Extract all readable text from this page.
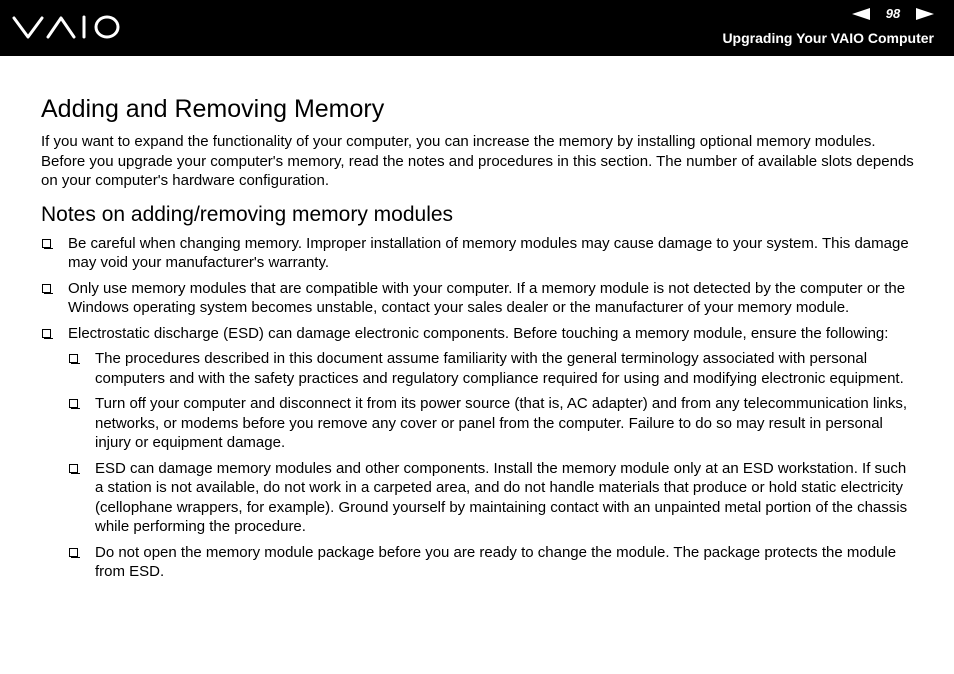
98
Upgrading Your VAIO Computer
Adding and Removing Memory

If you want to expand the functionality of your computer, you can increase the memory by installing optional memory modules. Before you upgrade your computer's memory, read the notes and procedures in this section. The number of available slots depends on your computer's hardware configuration.

Notes on adding/removing memory modules
Be careful when changing memory. Improper installation of memory modules may cause damage to your system. This damage may void your manufacturer's warranty.
Only use memory modules that are compatible with your computer. If a memory module is not detected by the computer or the Windows operating system becomes unstable, contact your sales dealer or the manufacturer of your memory module.
Electrostatic discharge (ESD) can damage electronic components. Before touching a memory module, ensure the following:
The procedures described in this document assume familiarity with the general terminology associated with personal computers and with the safety practices and regulatory compliance required for using and modifying electronic equipment.
Turn off your computer and disconnect it from its power source (that is, AC adapter) and from any telecommunication links, networks, or modems before you remove any cover or panel from the computer. Failure to do so may result in personal injury or equipment damage.
ESD can damage memory modules and other components. Install the memory module only at an ESD workstation. If such a station is not available, do not work in a carpeted area, and do not handle materials that produce or hold static electricity (cellophane wrappers, for example). Ground yourself by maintaining contact with an unpainted metal portion of the chassis while performing the procedure.
Do not open the memory module package before you are ready to change the module. The package protects the module from ESD.
